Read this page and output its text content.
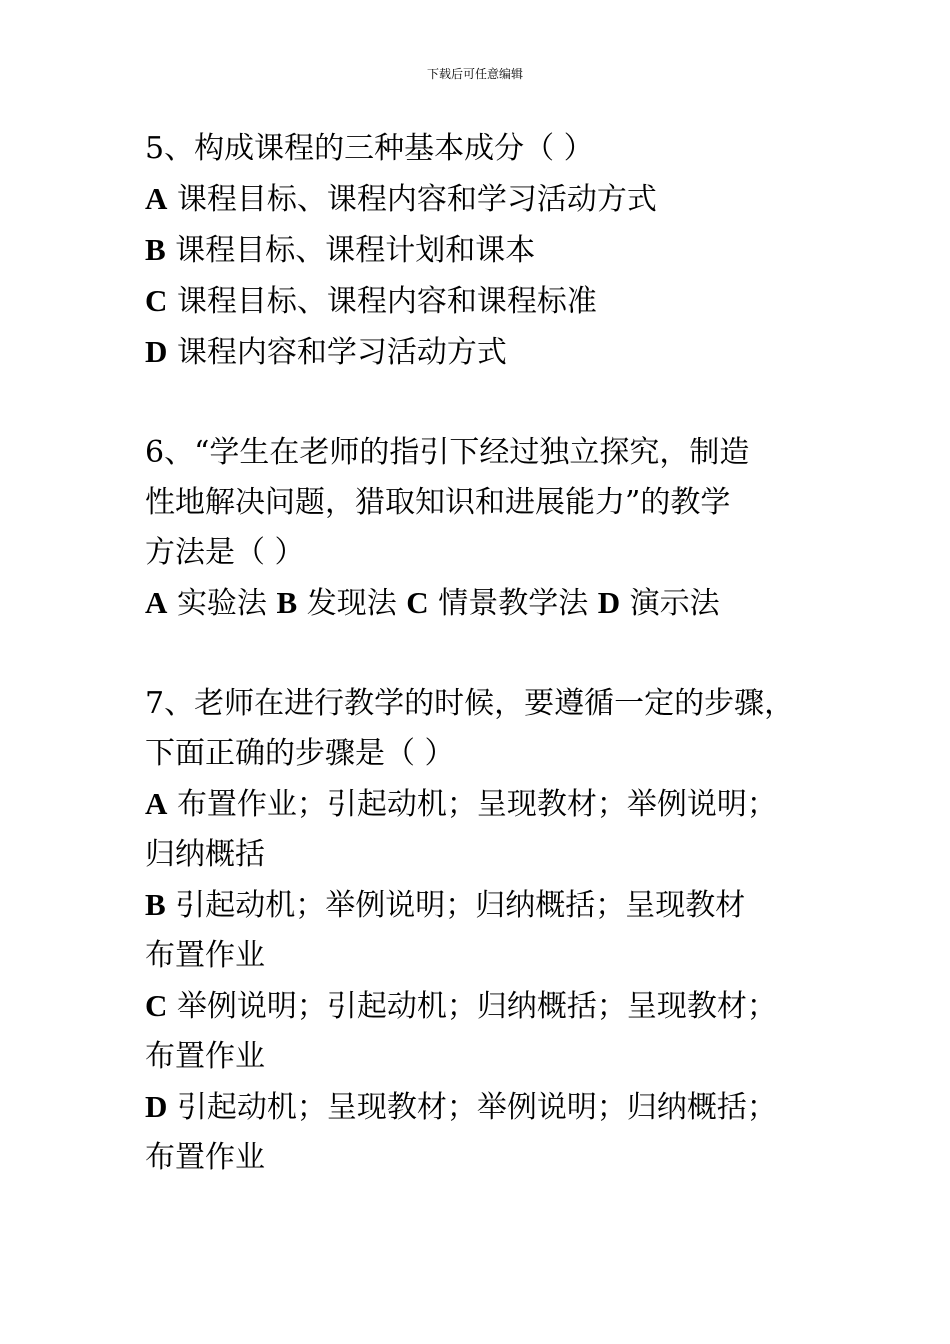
下载后可任意编辑

5、构成课程的三种基本成分（ ）

A 课程目标、课程内容和学习活动方式

B 课程目标、课程计划和课本

C 课程目标、课程内容和课程标准

D 课程内容和学习活动方式

6、“学生在老师的指引下经过独立探究，制造

性地解决问题，猎取知识和进展能力”的教学

方法是（ ）

A 实验法 B 发现法 C 情景教学法 D 演示法

7、老师在进行教学的时候，要遵循一定的步骤，

下面正确的步骤是（ ）

A 布置作业；引起动机；呈现教材；举例说明；

归纳概括

B 引起动机；举例说明；归纳概括；呈现教材

布置作业

C 举例说明；引起动机；归纳概括；呈现教材；

布置作业

D 引起动机；呈现教材；举例说明；归纳概括；

布置作业
